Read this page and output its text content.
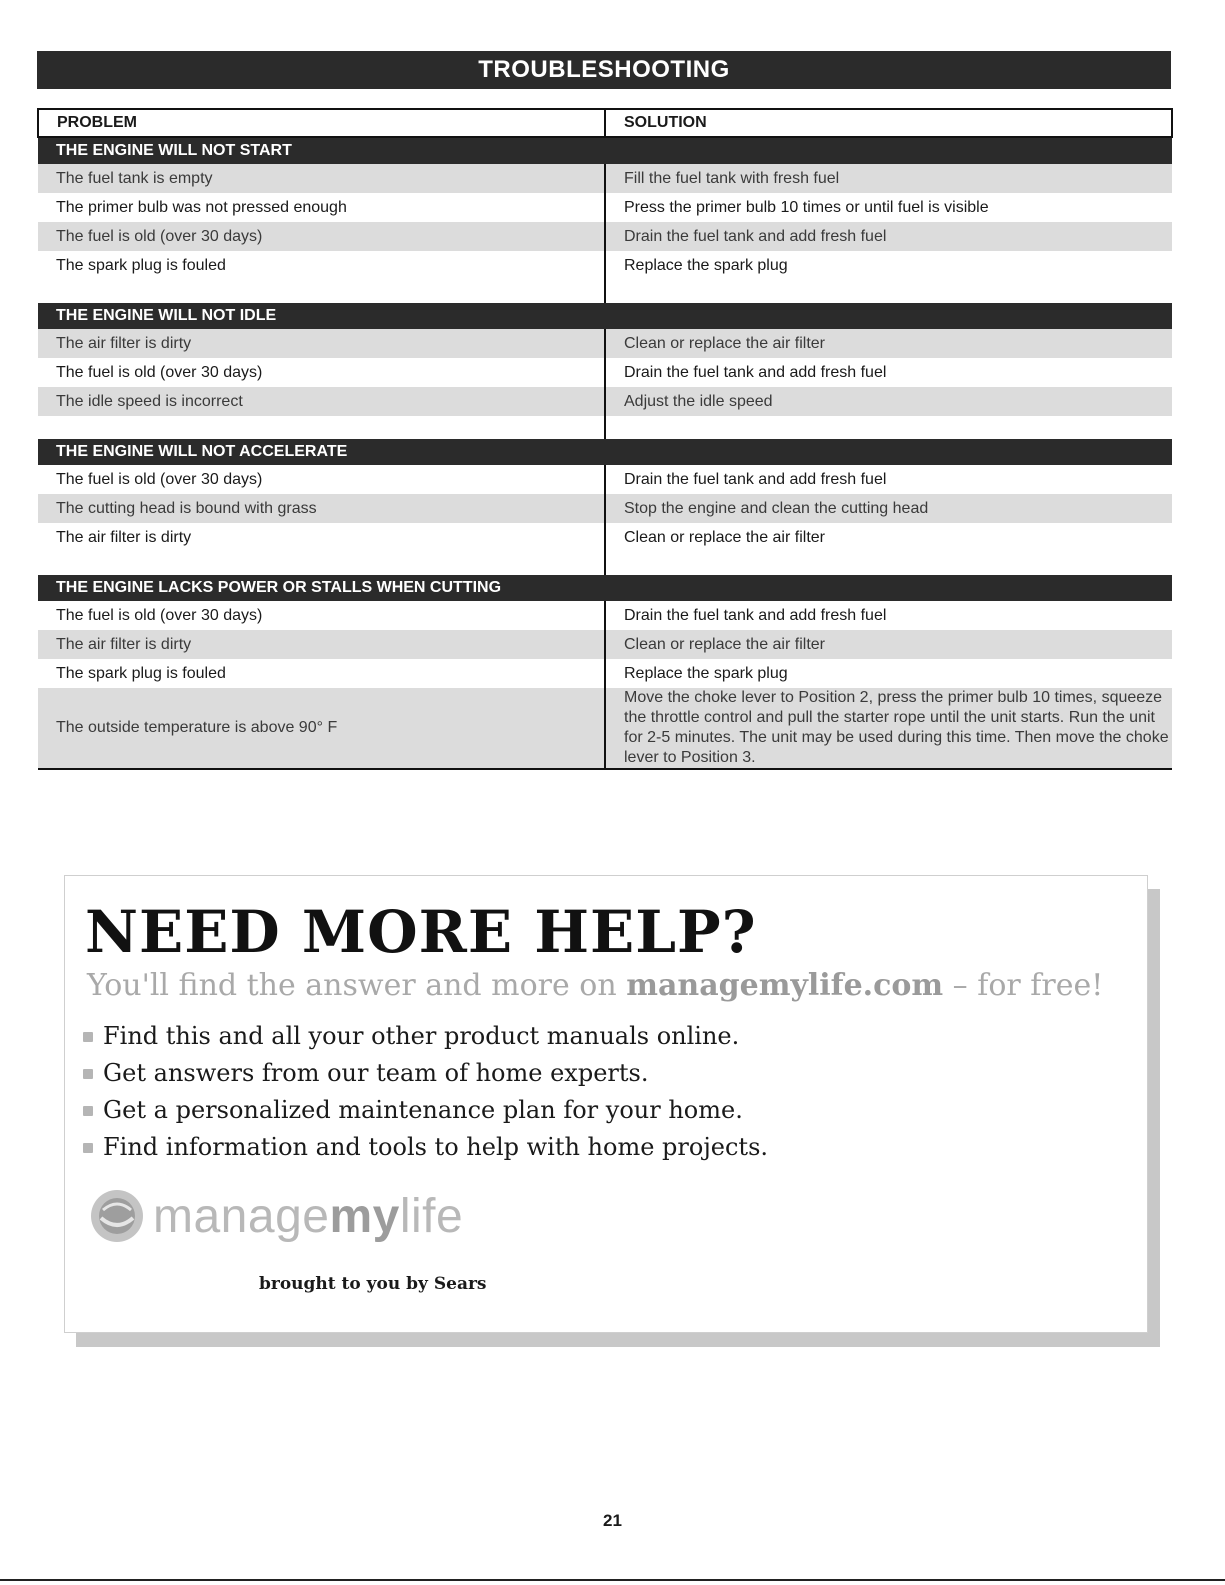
TROUBLESHOOTING
PROBLEM	SOLUTION
THE ENGINE WILL NOT START	
The fuel tank is empty	Fill the fuel tank with fresh fuel
The primer bulb was not pressed enough	Press the primer bulb 10 times or until fuel is visible
The fuel is old (over 30 days)	Drain the fuel tank and add fresh fuel
The spark plug is fouled	Replace the spark plug

THE ENGINE WILL NOT IDLE	
The air filter is dirty	Clean or replace the air filter
The fuel is old (over 30 days)	Drain the fuel tank and add fresh fuel
The idle speed is incorrect	Adjust the idle speed

THE ENGINE WILL NOT ACCELERATE	
The fuel is old (over 30 days)	Drain the fuel tank and add fresh fuel
The cutting head is bound with grass	Stop the engine and clean the cutting head
The air filter is dirty	Clean or replace the air filter

THE ENGINE LACKS POWER OR STALLS WHEN CUTTING	
The fuel is old (over 30 days)	Drain the fuel tank and add fresh fuel
The air filter is dirty	Clean or replace the air filter
The spark plug is fouled	Replace the spark plug
The outside temperature is above 90° F	Move the choke lever to Position 2, press the primer bulb 10 times, squeeze the throttle control and pull the starter rope until the unit starts. Run the unit for 2-5 minutes. The unit may be used during this time. Then move the choke lever to Position 3.
NEED MORE HELP?
You'll find the answer and more on managemylife.com – for free!
Find this and all your other product manuals online.
Get answers from our team of home experts.
Get a personalized maintenance plan for your home.
Find information and tools to help with home projects.
managemylife
brought to you by Sears
21
